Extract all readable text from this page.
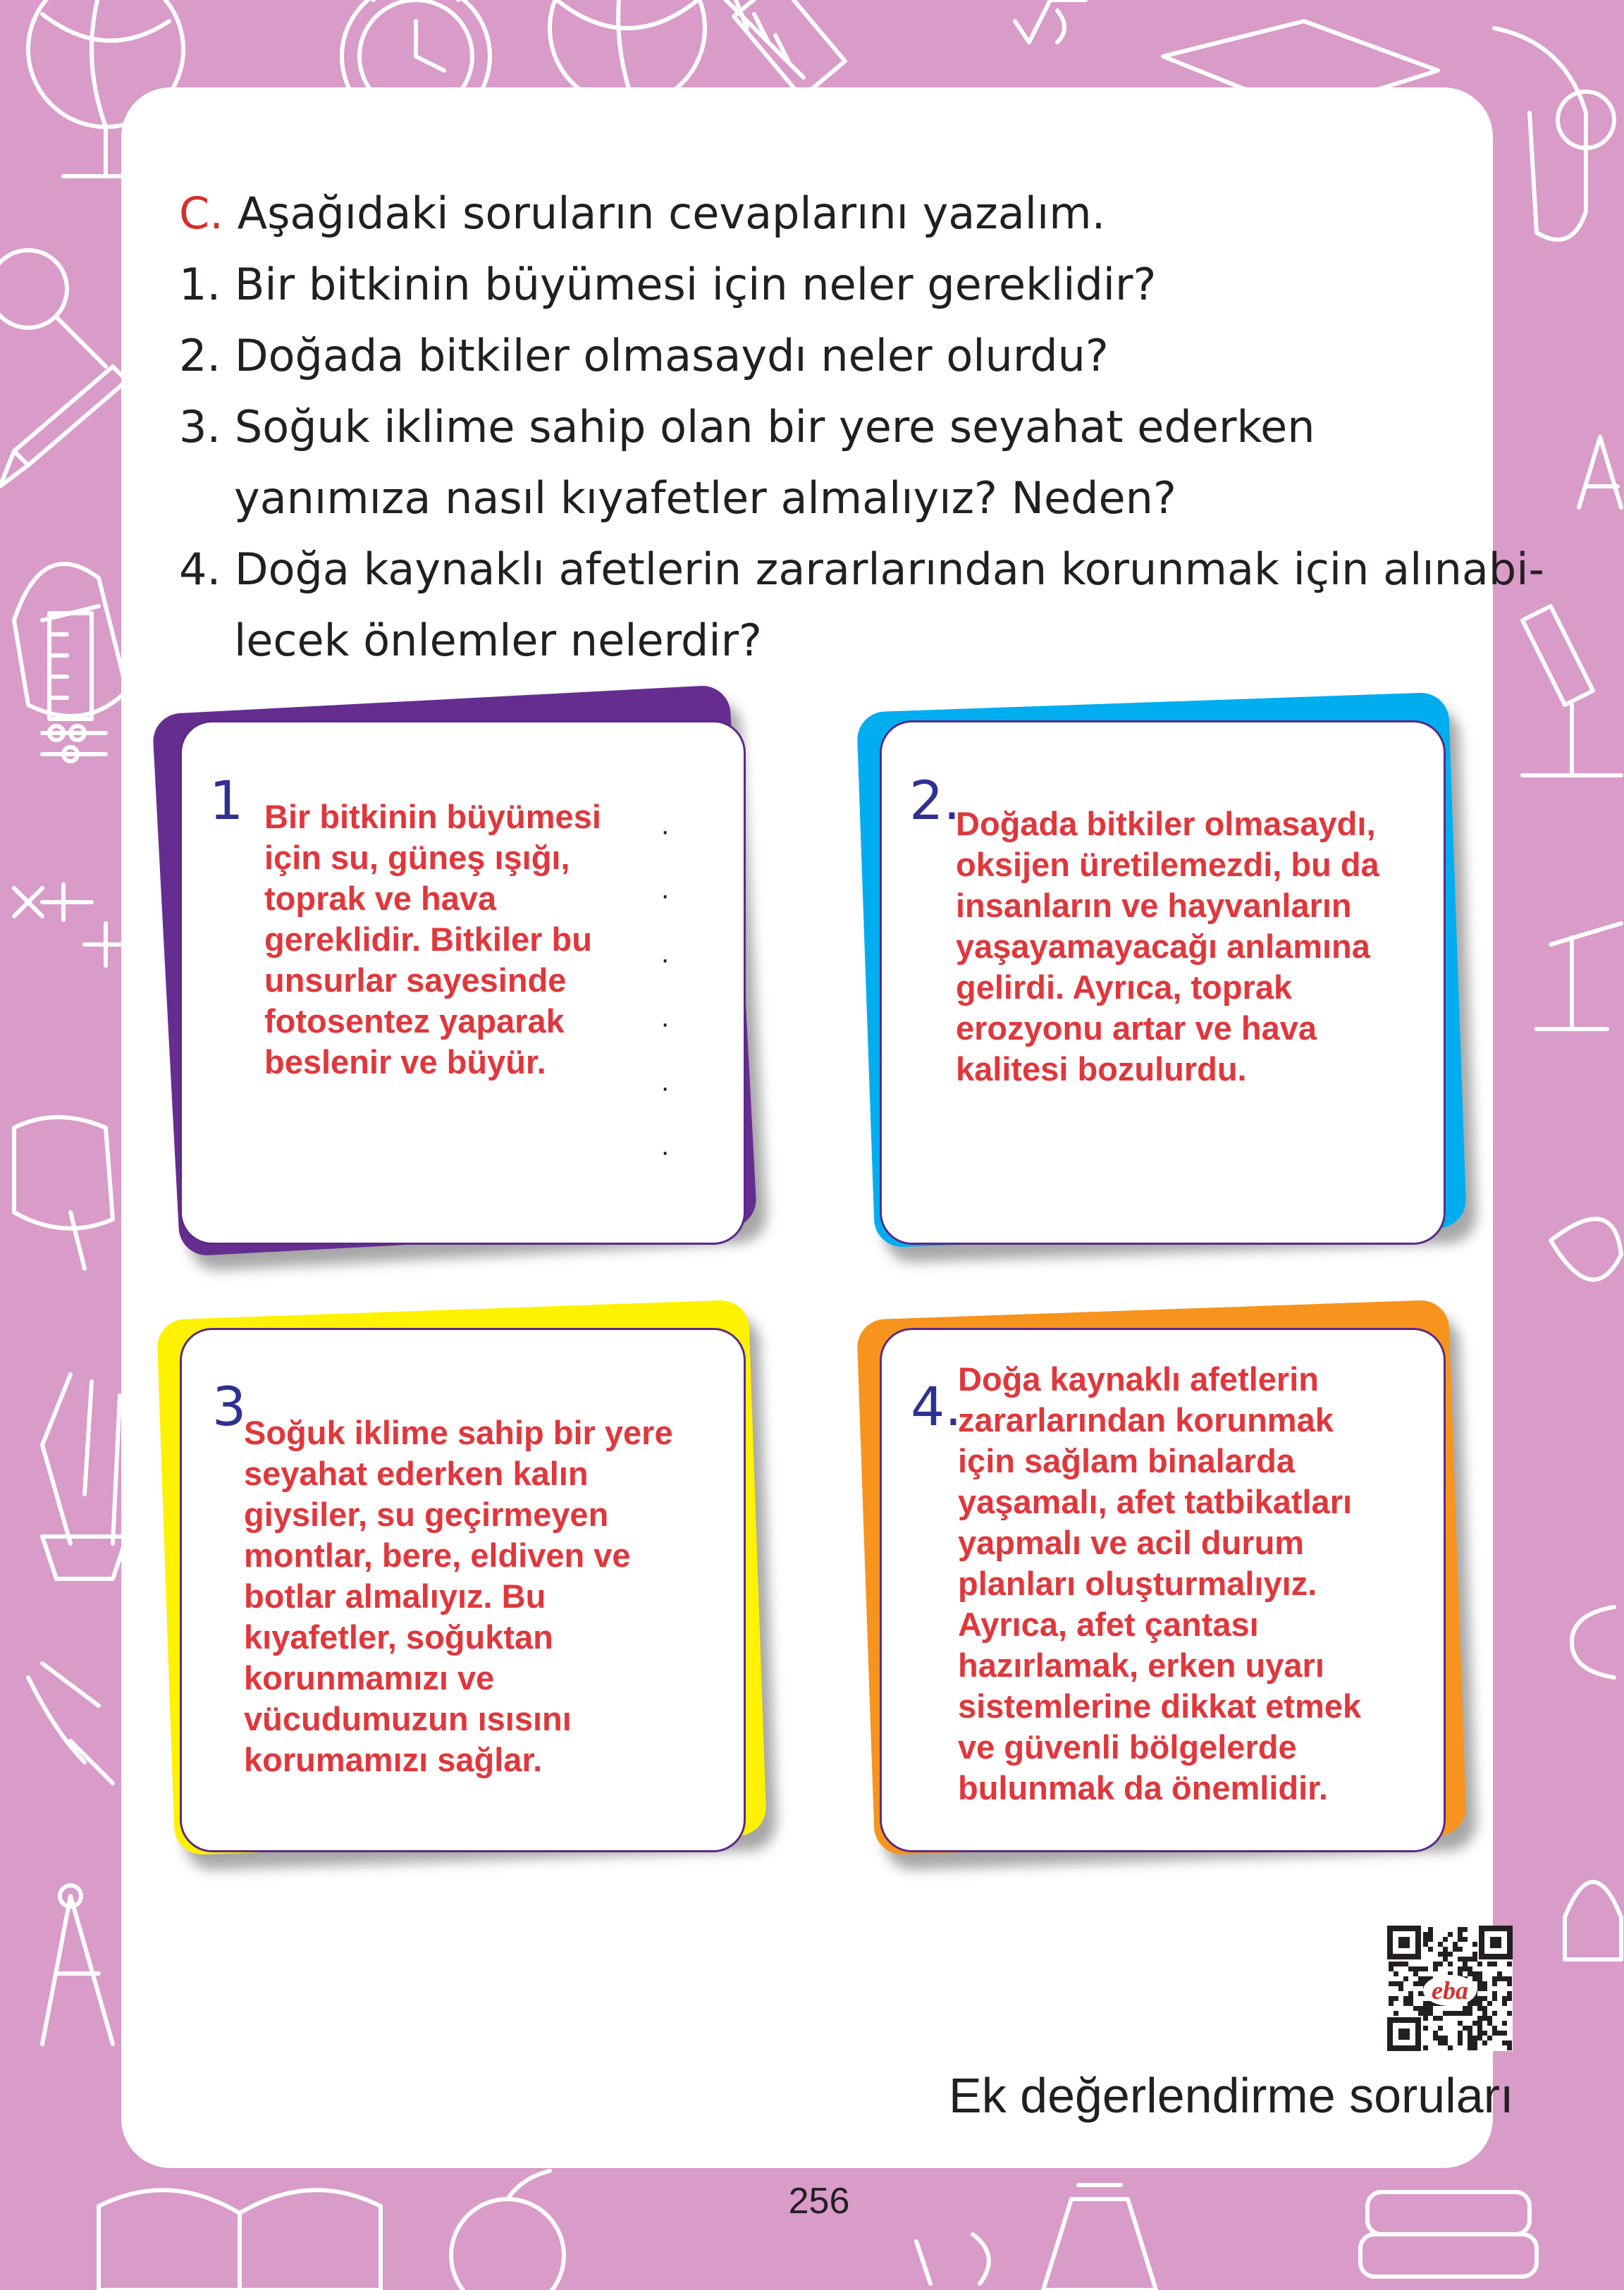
C. Aşağıdaki soruların cevaplarını yazalım.
1. Bir bitkinin büyümesi için neler gereklidir?
2. Doğada bitkiler olmasaydı neler olurdu?
3. Soğuk iklime sahip olan bir yere seyahat ederken
yanımıza nasıl kıyafetler almalıyız? Neden?
4. Doğa kaynaklı afetlerin zararlarından korunmak için alınabi-
lecek önlemler nelerdir?
1	·
·
·
·
·
·
Bir bitkinin büyümesi
için su, güneş ışığı,
toprak ve hava
gereklidir. Bitkiler bu
unsurlar sayesinde
fotosentez yaparak
beslenir ve büyür.
2.
Doğada bitkiler olmasaydı,
oksijen üretilemezdi, bu da
insanların ve hayvanların
yaşayamayacağı anlamına
gelirdi. Ayrıca, toprak
erozyonu artar ve hava
kalitesi bozulurdu.
3
Soğuk iklime sahip bir yere
seyahat ederken kalın
giysiler, su geçirmeyen
montlar, bere, eldiven ve
botlar almalıyız. Bu
kıyafetler, soğuktan
korunmamızı ve
vücudumuzun ısısını
korumamızı sağlar.
4.
Doğa kaynaklı afetlerin
zararlarından korunmak
için sağlam binalarda
yaşamalı, afet tatbikatları
yapmalı ve acil durum
planları oluşturmalıyız.
Ayrıca, afet çantası
hazırlamak, erken uyarı
sistemlerine dikkat etmek
ve güvenli bölgelerde
bulunmak da önemlidir.
eba
Ek değerlendirme soruları
256
